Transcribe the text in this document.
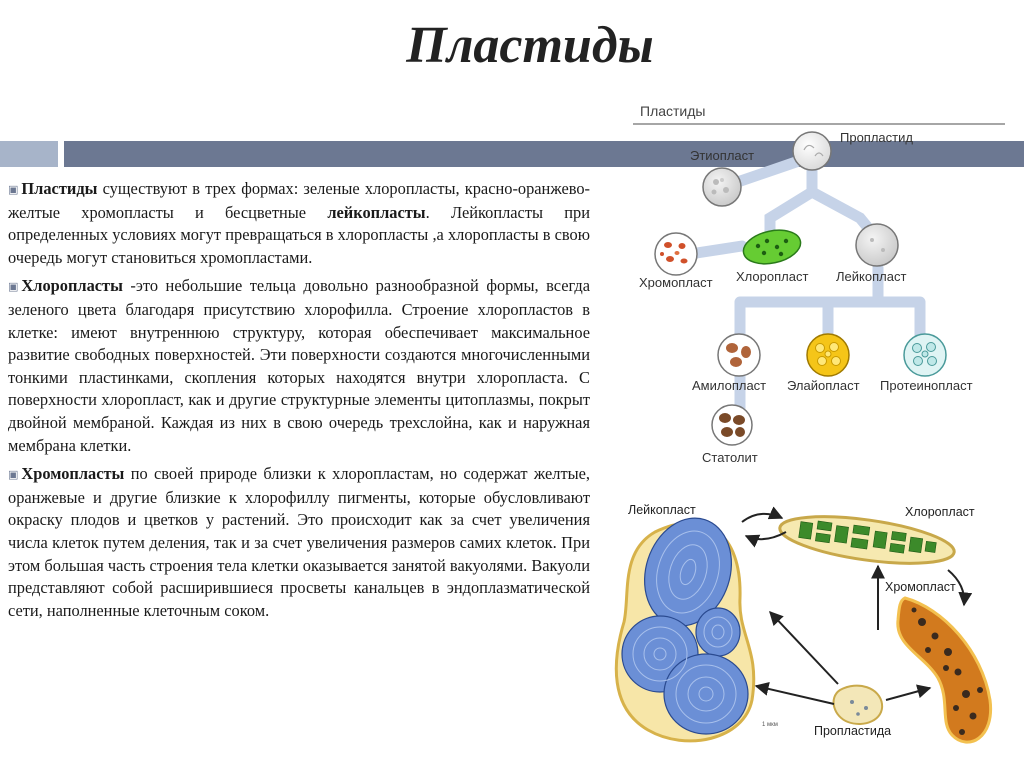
Пластиды

▣ Пластиды существуют в трех формах: зеленые хлоропласты, красно-оранжево-желтые хромопласты и бесцветные лейкопласты. Лейкопласты при определенных условиях могут превращаться в хлоропласты ,а хлоропласты в свою очередь могут становиться хромопластами.

▣ Хлоропласты -это небольшие тельца довольно разнообразной формы, всегда зеленого цвета благодаря присутствию хлорофилла. Строение хлоропластов в клетке: имеют внутреннюю структуру, которая обеспечивает максимальное развитие свободных поверхностей. Эти поверхности создаются многочисленными тонкими пластинками, скопления которых находятся внутри хлоропласта. С поверхности хлоропласт, как и другие структурные элементы цитоплазмы, покрыт двойной мембраной. Каждая из них в свою очередь трехслойна, как и наружная мембрана клетки.

▣ Хромопласты по своей природе близки к хлоропластам, но содержат желтые, оранжевые и другие близкие к хлорофиллу пигменты, которые обусловливают окраску плодов и цветков у растений. Это происходит как за счет увеличения числа клеток путем деления, так и за счет увеличения размеров самих клеток. При этом большая часть строения тела клетки оказывается занятой вакуолями. Вакуоли представляют собой расширившиеся просветы канальцев в эндоплазматической сети, наполненные клеточным соком.

Пластиды
Пропластид
Этиопласт
Хромопласт Хлоропласт Лейкопласт
Амилопласт Элайопласт Протеинопласт
Статолит
Лейкопласт	Хлоропласт
Хромопласт
Пропластида
1 мкм
